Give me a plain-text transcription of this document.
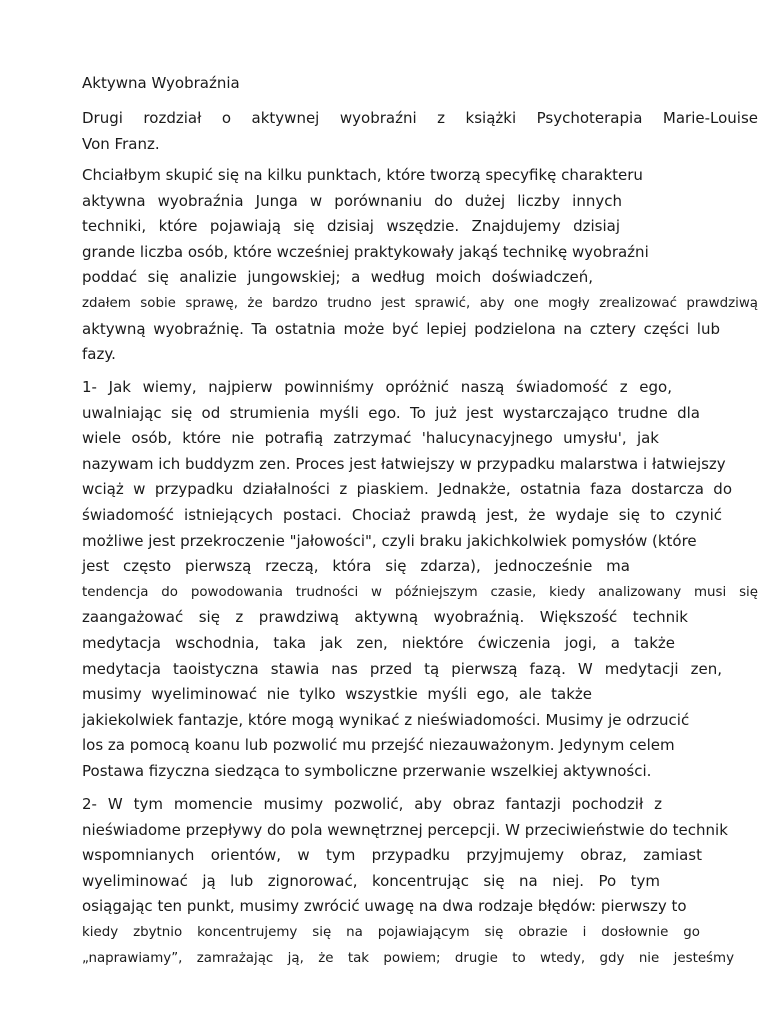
Aktywna Wyobraźnia
Drugi rozdział o aktywnej wyobraźni z książki Psychoterapia Marie-Louise
Von Franz.
Chciałbym skupić się na kilku punktach, które tworzą specyfikę charakteru
aktywna wyobraźnia Junga w porównaniu do dużej liczby innych
techniki, które pojawiają się dzisiaj wszędzie. Znajdujemy dzisiaj
grande liczba osób, które wcześniej praktykowały jakąś technikę wyobraźni
poddać się analizie jungowskiej; a według moich doświadczeń,
zdałem sobie sprawę, że bardzo trudno jest sprawić, aby one mogły zrealizować prawdziwą
aktywną wyobraźnię. Ta ostatnia może być lepiej podzielona na cztery części lub
fazy.
1- Jak wiemy, najpierw powinniśmy opróżnić naszą świadomość z ego,
uwalniając się od strumienia myśli ego. To już jest wystarczająco trudne dla
wiele osób, które nie potrafią zatrzymać 'halucynacyjnego umysłu', jak
nazywam ich buddyzm zen. Proces jest łatwiejszy w przypadku malarstwa i łatwiejszy
wciąż w przypadku działalności z piaskiem. Jednakże, ostatnia faza dostarcza do
świadomość istniejących postaci. Chociaż prawdą jest, że wydaje się to czynić
możliwe jest przekroczenie "jałowości", czyli braku jakichkolwiek pomysłów (które
jest często pierwszą rzeczą, która się zdarza), jednocześnie ma
tendencja do powodowania trudności w późniejszym czasie, kiedy analizowany musi się
zaangażować się z prawdziwą aktywną wyobraźnią. Większość technik
medytacja wschodnia, taka jak zen, niektóre ćwiczenia jogi, a także
medytacja taoistyczna stawia nas przed tą pierwszą fazą. W medytacji zen,
musimy wyeliminować nie tylko wszystkie myśli ego, ale także
jakiekolwiek fantazje, które mogą wynikać z nieświadomości. Musimy je odrzucić
los za pomocą koanu lub pozwolić mu przejść niezauważonym. Jedynym celem
Postawa fizyczna siedząca to symboliczne przerwanie wszelkiej aktywności.
2- W tym momencie musimy pozwolić, aby obraz fantazji pochodził z
nieświadome przepływy do pola wewnętrznej percepcji. W przeciwieństwie do technik
wspomnianych orientów, w tym przypadku przyjmujemy obraz, zamiast
wyeliminować ją lub zignorować, koncentrując się na niej. Po tym
osiągając ten punkt, musimy zwrócić uwagę na dwa rodzaje błędów: pierwszy to
kiedy zbytnio koncentrujemy się na pojawiającym się obrazie i dosłownie go
„naprawiamy”, zamrażając ją, że tak powiem; drugie to wtedy, gdy nie jesteśmy
